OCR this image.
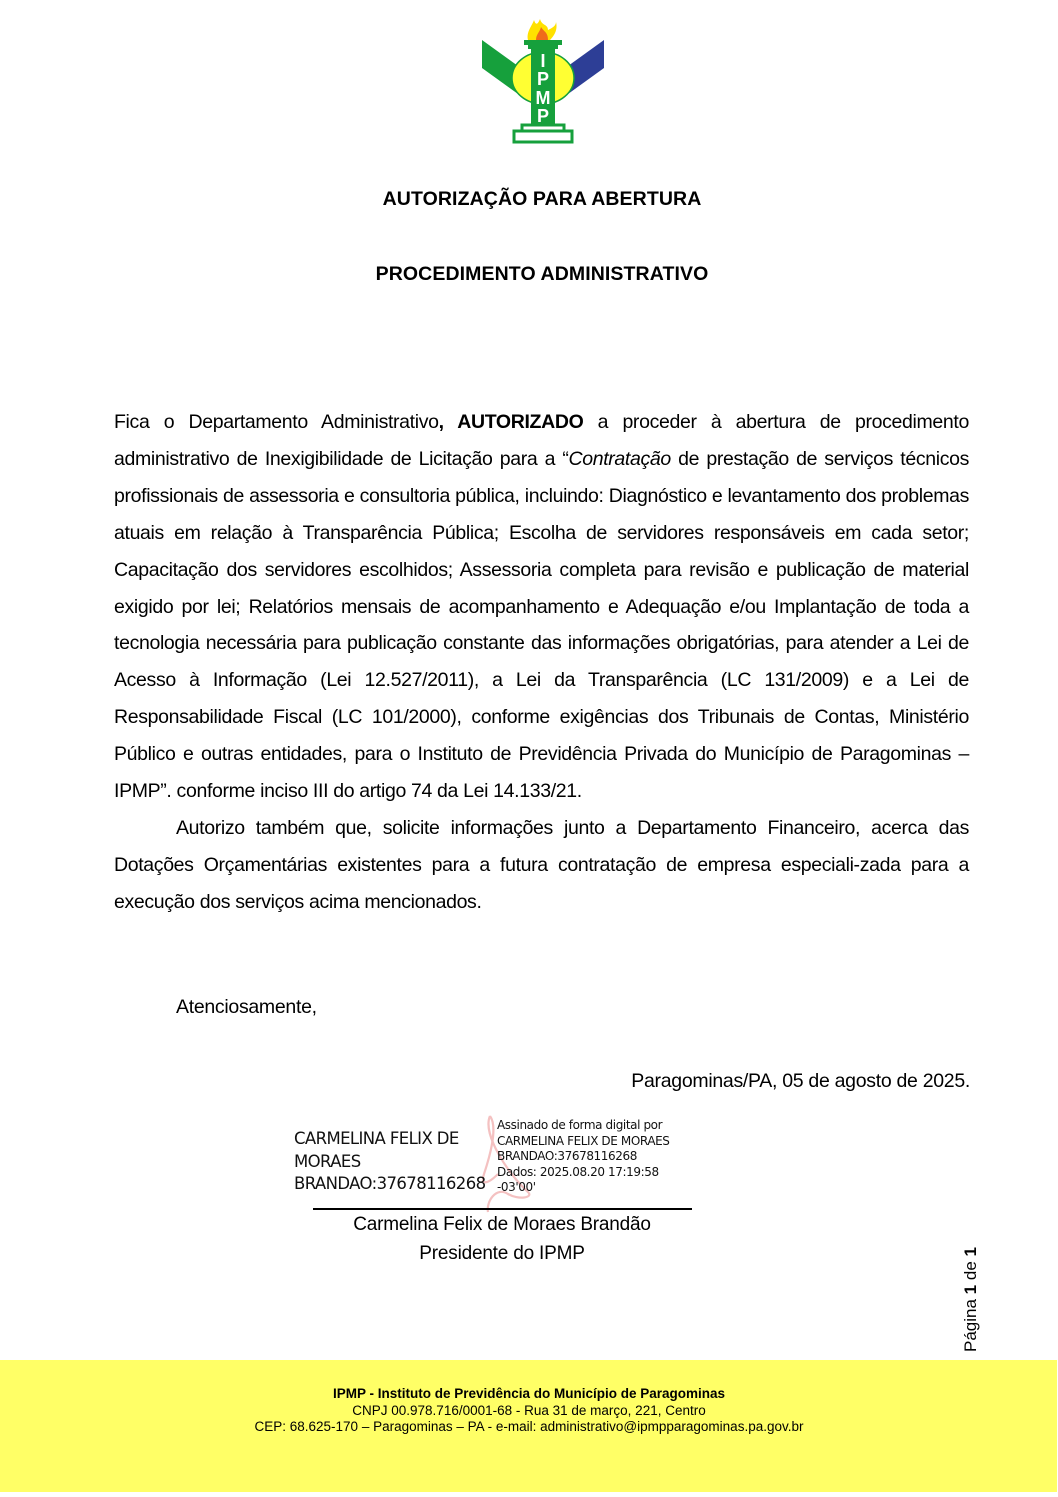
I
P
M
P
AUTORIZAÇÃO PARA ABERTURA
PROCEDIMENTO ADMINISTRATIVO

Fica o Departamento Administrativo, AUTORIZADO a proceder à abertura de procedimento administrativo de Inexigibilidade de Licitação para a “Contratação de prestação de serviços técnicos profissionais de assessoria e consultoria pública, incluindo: Diagnóstico e levantamento dos problemas atuais em relação à Transparência Pública; Escolha de servidores responsáveis em cada setor; Capacitação dos servidores escolhidos; Assessoria completa para revisão e publicação de material exigido por lei; Relatórios mensais de acompanhamento e Adequação e/ou Implantação de toda a tecnologia necessária para publicação constante das informações obrigatórias, para atender a Lei de Acesso à Informação (Lei 12.527/2011), a Lei da Transparência (LC 131/2009) e a Lei de Responsabilidade Fiscal (LC 101/2000), conforme exigências dos Tribunais de Contas, Ministério Público e outras entidades, para o Instituto de Previdência Privada do Município de Paragominas – IPMP”. conforme inciso III do artigo 74 da Lei 14.133/21.

Autorizo também que, solicite informações junto a Departamento Financeiro, acerca das Dotações Orçamentárias existentes para a futura contratação de empresa especiali-zada para a execução dos serviços acima mencionados.

Atenciosamente,
Paragominas/PA, 05 de agosto de 2025.
CARMELINA FELIX DE
MORAES
BRANDAO:37678116268
Assinado de forma digital por
CARMELINA FELIX DE MORAES
BRANDAO:37678116268
Dados: 2025.08.20 17:19:58
-03'00'
Carmelina Felix de Moraes Brandão
Presidente do IPMP
Página 1 de 1
IPMP - Instituto de Previdência do Município de Paragominas
CNPJ 00.978.716/0001-68 - Rua 31 de março, 221, Centro
CEP: 68.625-170 – Paragominas – PA - e-mail: administrativo@ipmpparagominas.pa.gov.br
